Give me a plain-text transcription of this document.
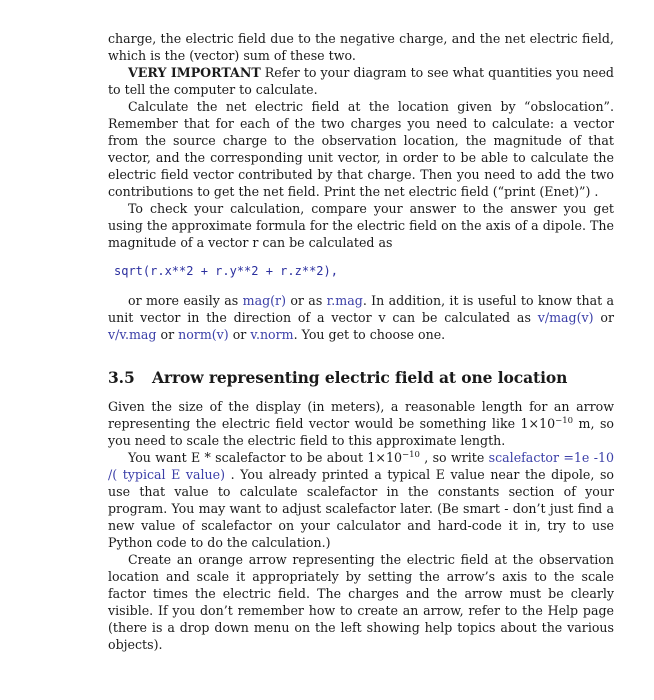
charge, the electric field due to the negative charge, and the net electric field, which is the (vector) sum of these two.

VERY IMPORTANT Refer to your diagram to see what quantities you need to tell the computer to calculate.

Calculate the net electric field at the location given by “obslocation”. Remember that for each of the two charges you need to calculate: a vector from the source charge to the observation location, the magnitude of that vector, and the corresponding unit vector, in order to be able to calculate the electric field vector contributed by that charge. Then you need to add the two contributions to get the net field. Print the net electric field (“print (Enet)”) .

To check your calculation, compare your answer to the answer you get using the approximate formula for the electric field on the axis of a dipole. The magnitude of a vector r can be calculated as

sqrt(r.x**2 + r.y**2 + r.z**2),

or more easily as mag(r) or as r.mag. In addition, it is useful to know that a unit vector in the direction of a vector v can be calculated as v/mag(v) or v/v.mag or norm(v) or v.norm. You get to choose one.

3.5 Arrow representing electric field at one location

Given the size of the display (in meters), a reasonable length for an arrow representing the electric field vector would be something like $1\times 10^{-10}$ m, so you need to scale the electric field to this approximate length.

You want E * scalefactor to be about $1\times 10^{-10}$ , so write scalefactor =1e -10 /( typical E value) . You already printed a typical E value near the dipole, so use that value to calculate scalefactor in the constants section of your program. You may want to adjust scalefactor later. (Be smart - don’t just find a new value of scalefactor on your calculator and hard-code it in, try to use Python code to do the calculation.)

Create an orange arrow representing the electric field at the observation location and scale it appropriately by setting the arrow’s axis to the scale factor times the electric field. The charges and the arrow must be clearly visible. If you don’t remember how to create an arrow, refer to the Help page (there is a drop down menu on the left showing help topics about the various objects).
